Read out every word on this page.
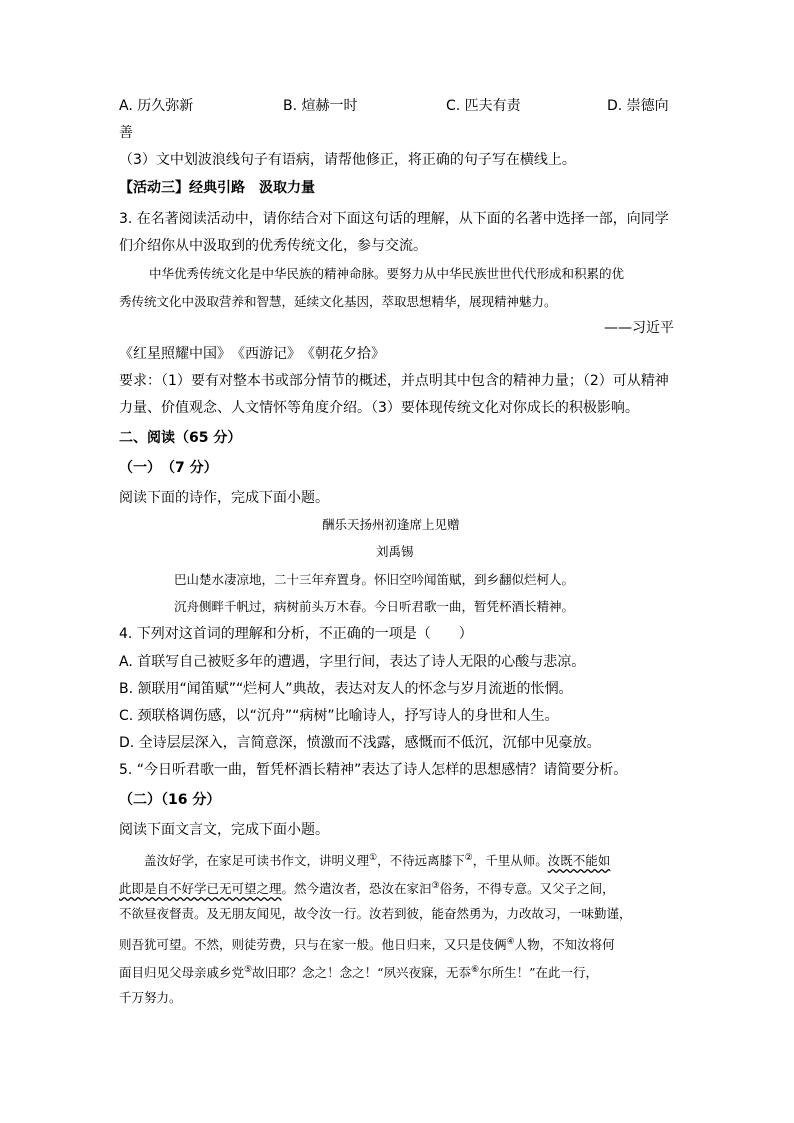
A. 历久弥新	B. 煊赫一时	C. 匹夫有责	D. 崇德向
善
（3）文中划波浪线句子有语病，请帮他修正，将正确的句子写在横线上。
【活动三】经典引路　汲取力量
3. 在名著阅读活动中，请你结合对下面这句话的理解，从下面的名著中选择一部，向同学
们介绍你从中汲取到的优秀传统文化，参与交流。
中华优秀传统文化是中华民族的精神命脉。要努力从中华民族世世代代形成和积累的优
秀传统文化中汲取营养和智慧，延续文化基因，萃取思想精华，展现精神魅力。
——习近平
《红星照耀中国》　《西游记》　《朝花夕拾》
要求：（1）要有对整本书或部分情节的概述，并点明其中包含的精神力量；（2）可从精神
力量、价值观念、人文情怀等角度介绍。（3）要体现传统文化对你成长的积极影响。
二、阅读（65 分）
（一）　（7 分）
阅读下面的诗作，完成下面小题。
酬乐天扬州初逢席上见赠
刘禹锡
巴山楚水凄凉地，二十三年弃置身。怀旧空吟闻笛赋，到乡翻似烂柯人。
沉舟侧畔千帆过，病树前头万木春。今日听君歌一曲，暂凭杯酒长精神。
4. 下列对这首词的理解和分析，不正确的一项是（　　）
A. 首联写自己被贬多年的遭遇，字里行间，表达了诗人无限的心酸与悲凉。
B. 颔联用“闻笛赋”“烂柯人”典故，表达对友人的怀念与岁月流逝的怅惘。
C. 颈联格调伤感，以“沉舟”“病树”比喻诗人，抒写诗人的身世和人生。
D. 全诗层层深入，言简意深，愤激而不浅露，感慨而不低沉，沉郁中见豪放。
5. “今日听君歌一曲，暂凭杯酒长精神”表达了诗人怎样的思想感情？请简要分析。
（二）（16 分）
阅读下面文言文，完成下面小题。
　　盖汝好学，在家足可读书作文，讲明义理①，不待远离膝下②，千里从师。汝既不能如
此即是自不好学已无可望之理。然今遣汝者，恐汝在家汩③俗务，不得专意。又父子之间，
不欲昼夜督责。及无朋友闻见，故令汝一行。汝若到彼，能奋然勇为，力改故习，一味勤谨，
则吾犹可望。不然，则徒劳费，只与在家一般。他日归来，又只是伎俩④人物，不知汝将何
面目归见父母亲戚乡党⑤故旧耶？念之！念之！“夙兴夜寐，无忝⑥尔所生！”在此一行，
千万努力。
